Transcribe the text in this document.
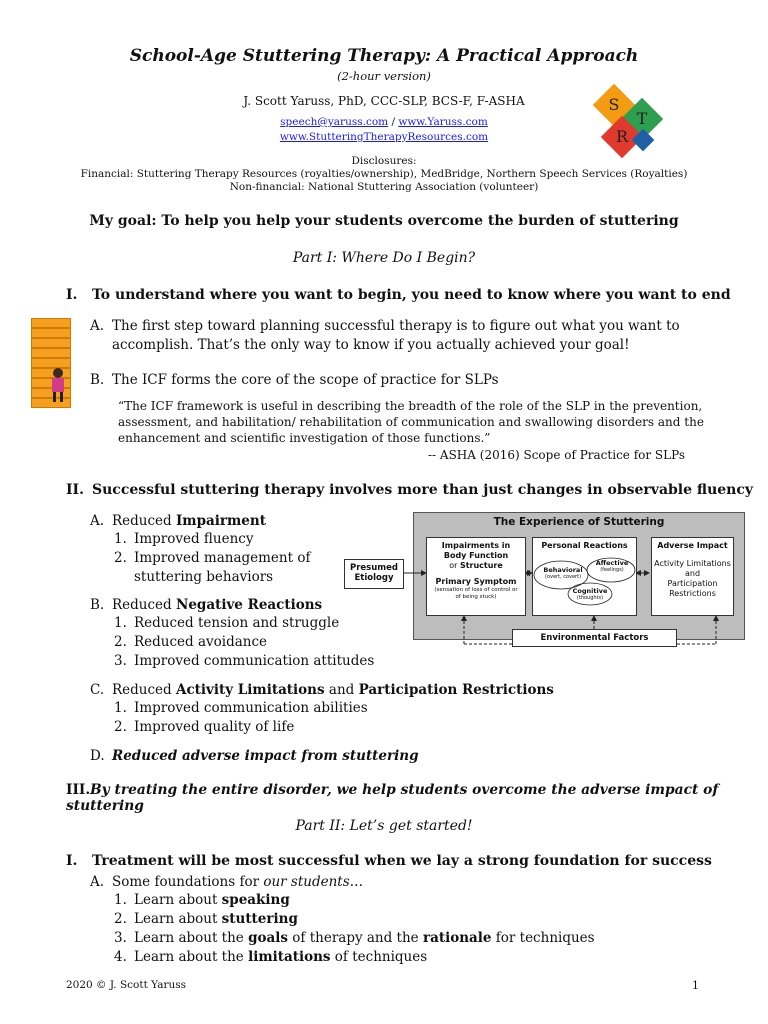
School-Age Stuttering Therapy: A Practical Approach
(2-hour version)
J. Scott Yaruss, PhD, CCC-SLP, BCS-F, F-ASHA
speech@yaruss.com / www.Yaruss.com
www.StutteringTherapyResources.com
Disclosures:
Financial: Stuttering Therapy Resources (royalties/ownership), MedBridge, Northern Speech Services (Royalties)
Non-financial: National Stuttering Association (volunteer)
S
T
R
My goal: To help you help your students overcome the burden of stuttering
Part I: Where Do I Begin?
I. To understand where you want to begin, you need to know where you want to end
A. The first step toward planning successful therapy is to figure out what you want to
accomplish. That’s the only way to know if you actually achieved your goal!
B. The ICF forms the core of the scope of practice for SLPs
“The ICF framework is useful in describing the breadth of the role of the SLP in the prevention,
assessment, and habilitation/ rehabilitation of communication and swallowing disorders and the
enhancement and scientific investigation of those functions.”
-- ASHA (2016) Scope of Practice for SLPs
II. Successful stuttering therapy involves more than just changes in observable fluency
A. Reduced Impairment
1. Improved fluency
2. Improved management of
stuttering behaviors
B. Reduced Negative Reactions
1. Reduced tension and struggle
2. Reduced avoidance
3. Improved communication attitudes
C. Reduced Activity Limitations and Participation Restrictions
1. Improved communication abilities
2. Improved quality of life
D. Reduced adverse impact from stuttering
III.By treating the entire disorder, we help students overcome the adverse impact of stuttering
The Experience of Stuttering
Presumed
Etiology
Impairments in
Body Function
or Structure
Primary Symptom
(sensation of loss of control or
of being stuck)
Personal Reactions
Behavioral
(overt, covert)
Affective
(feelings)
Cognitive
(thoughts)
Adverse Impact
Activity Limitations
and
Participation
Restrictions
Environmental Factors
Part II: Let’s get started!
I. Treatment will be most successful when we lay a strong foundation for success
A. Some foundations for our students…
1. Learn about speaking
2. Learn about stuttering
3. Learn about the goals of therapy and the rationale for techniques
4. Learn about the limitations of techniques
2020 © J. Scott Yaruss	1
